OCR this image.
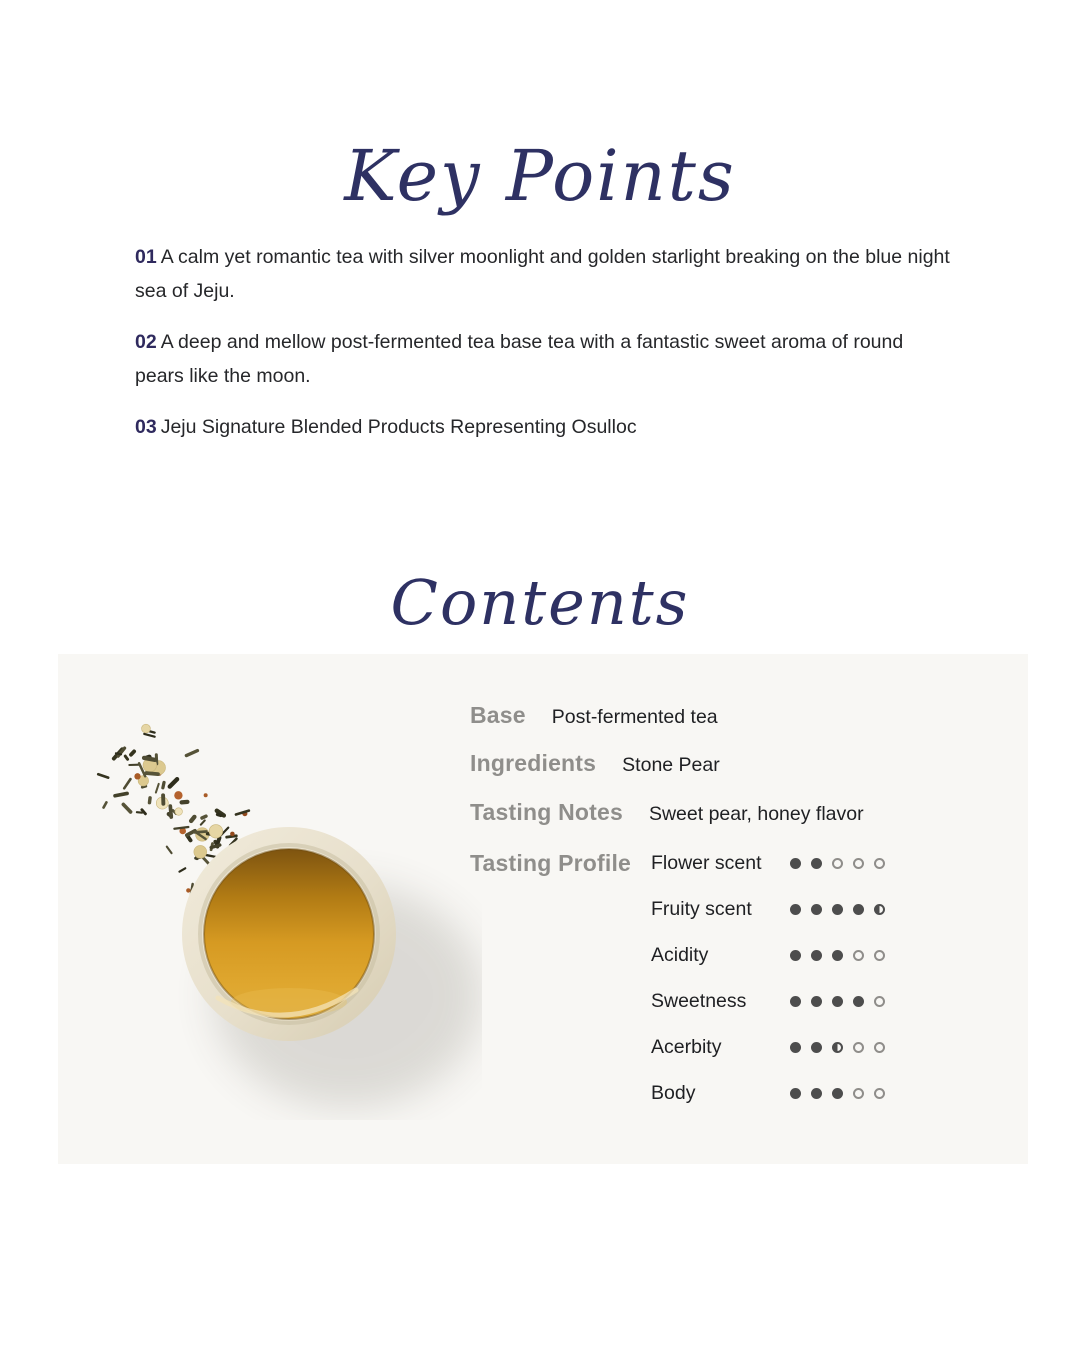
Key Points

01 A calm yet romantic tea with silver moonlight and golden starlight breaking on the blue night sea of Jeju.

02 A deep and mellow post-fermented tea base tea with a fantastic sweet aroma of round pears like the moon.

03 Jeju Signature Blended Products Representing Osulloc

Contents
Base Post-fermented tea
Ingredients Stone Pear
Tasting Notes Sweet pear, honey flavor
Tasting Profile Flower scent
Fruity scent
Acidity
Sweetness
Acerbity
Body
